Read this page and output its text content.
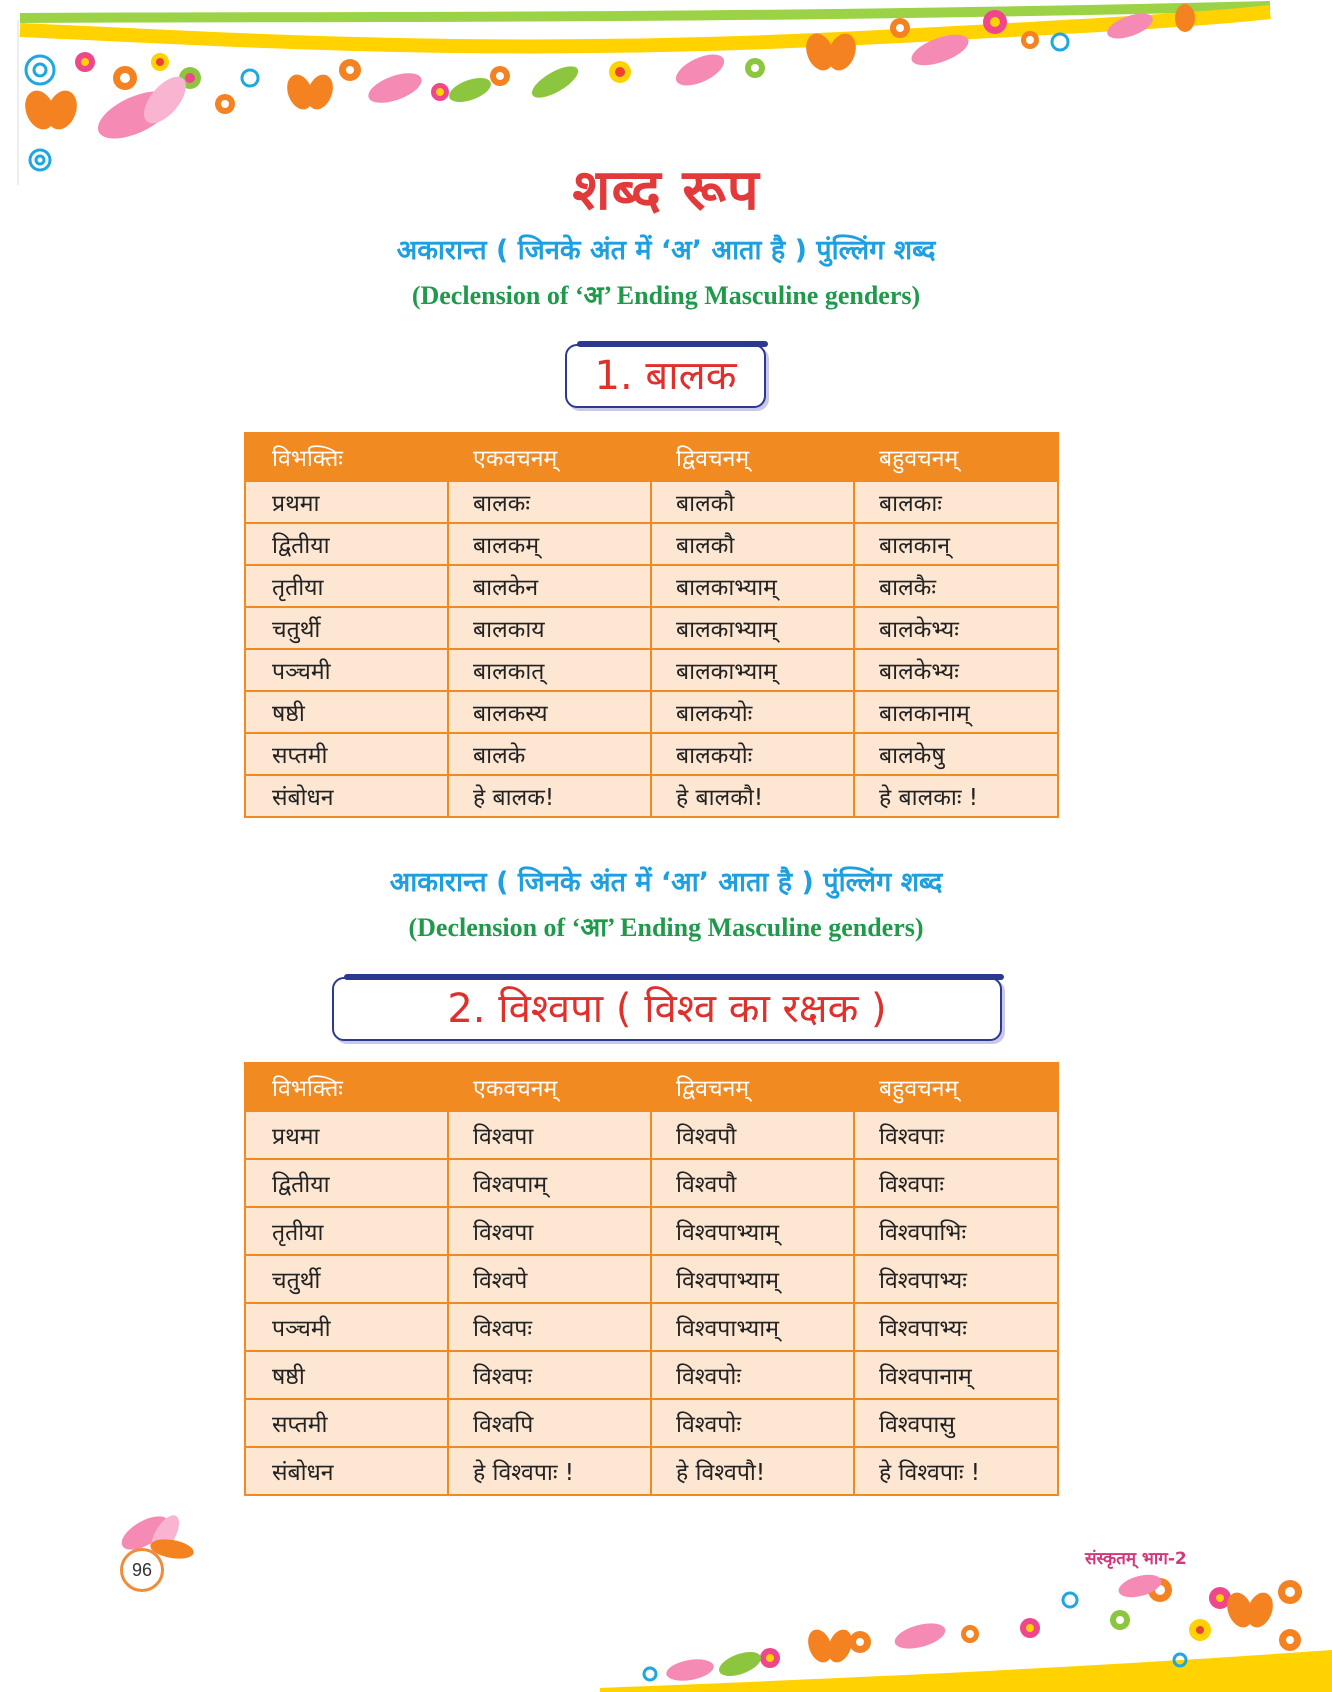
शब्द रूप
अकारान्त ( जिनके अंत में ‘अ’ आता है ) पुंल्लिंग शब्द
(Declension of ‘अ’ Ending Masculine genders)
1. बालक
विभक्तिः	एकवचनम्	द्विवचनम्	बहुवचनम्
प्रथमा	बालकः	बालकौ	बालकाः
द्वितीया	बालकम्	बालकौ	बालकान्
तृतीया	बालकेन	बालकाभ्याम्	बालकैः
चतुर्थी	बालकाय	बालकाभ्याम्	बालकेभ्यः
पञ्चमी	बालकात्	बालकाभ्याम्	बालकेभ्यः
षष्ठी	बालकस्य	बालकयोः	बालकानाम्
सप्तमी	बालके	बालकयोः	बालकेषु
संबोधन	हे बालक!	हे बालकौ!	हे बालकाः !
आकारान्त ( जिनके अंत में ‘आ’ आता है ) पुंल्लिंग शब्द
(Declension of ‘आ’ Ending Masculine genders)
2. विश्वपा ( विश्व का रक्षक )
विभक्तिः	एकवचनम्	द्विवचनम्	बहुवचनम्
प्रथमा	विश्वपा	विश्वपौ	विश्वपाः
द्वितीया	विश्वपाम्	विश्वपौ	विश्वपाः
तृतीया	विश्वपा	विश्वपाभ्याम्	विश्वपाभिः
चतुर्थी	विश्वपे	विश्वपाभ्याम्	विश्वपाभ्यः
पञ्चमी	विश्वपः	विश्वपाभ्याम्	विश्वपाभ्यः
षष्ठी	विश्वपः	विश्वपोः	विश्वपानाम्
सप्तमी	विश्वपि	विश्वपोः	विश्वपासु
संबोधन	हे विश्वपाः !	हे विश्वपौ!	हे विश्वपाः !
96
संस्कृतम् भाग-2
